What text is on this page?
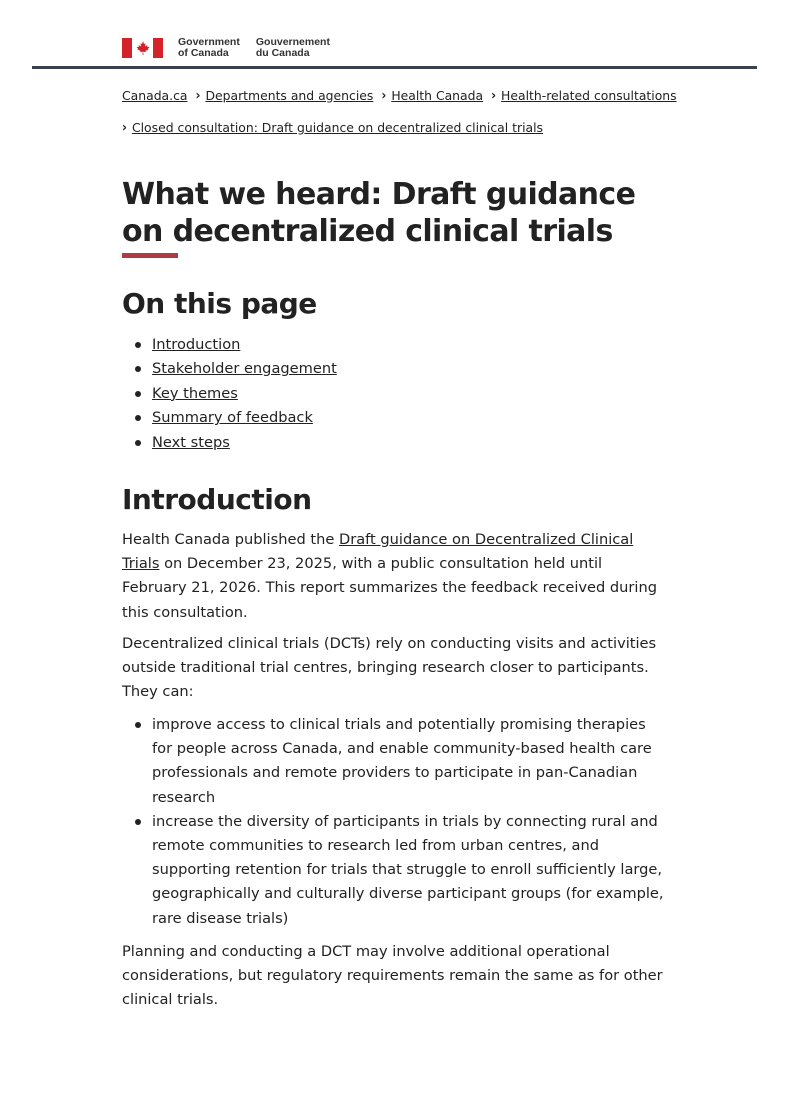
Government
of Canada
Gouvernement
du Canada
Canada.ca › Departments and agencies › Health Canada › Health-related consultations
› Closed consultation: Draft guidance on decentralized clinical trials
What we heard: Draft guidance on decentralized clinical trials
On this page
Introduction
Stakeholder engagement
Key themes
Summary of feedback
Next steps
Introduction

Health Canada published the Draft guidance on Decentralized Clinical Trials on December 23, 2025, with a public consultation held until February 21, 2026. This report summarizes the feedback received during this consultation.

Decentralized clinical trials (DCTs) rely on conducting visits and activities outside traditional trial centres, bringing research closer to participants. They can:

improve access to clinical trials and potentially promising therapies for people across Canada, and enable community-based health care professionals and remote providers to participate in pan-Canadian research
increase the diversity of participants in trials by connecting rural and remote communities to research led from urban centres, and supporting retention for trials that struggle to enroll sufficiently large, geographically and culturally diverse participant groups (for example, rare disease trials)

Planning and conducting a DCT may involve additional operational considerations, but regulatory requirements remain the same as for other clinical trials.
